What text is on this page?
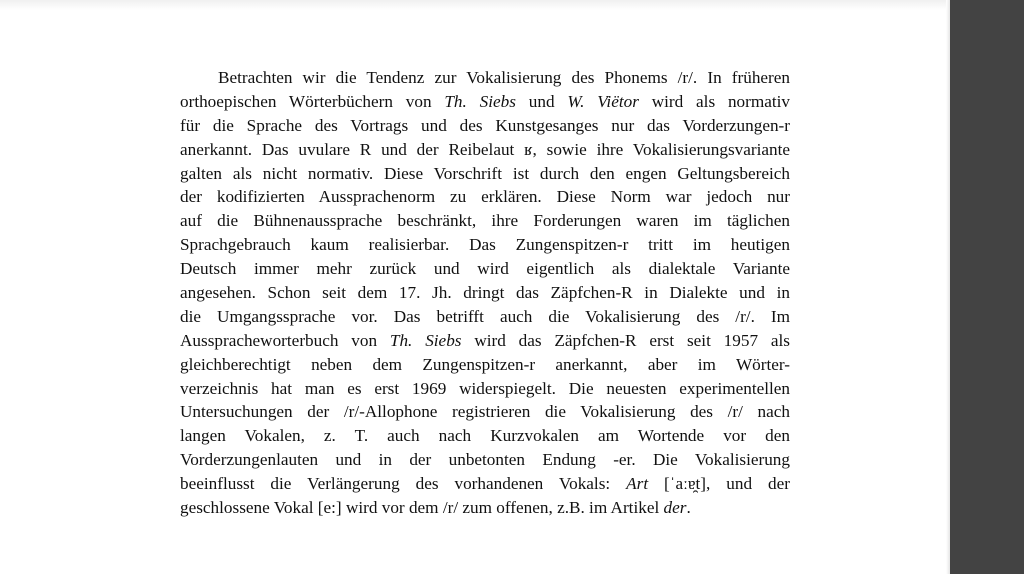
Betrachten wir die Tendenz zur Vokalisierung des Phonems /r/. In früheren
orthoepischen Wörterbüchern von Th. Siebs und W. Viëtor wird als normativ
für die Sprache des Vortrags und des Kunstgesanges nur das Vorderzungen-r
anerkannt. Das uvulare R und der Reibelaut ʁ, sowie ihre Vokalisierungsvariante
galten als nicht normativ. Diese Vorschrift ist durch den engen Geltungsbereich
der kodifizierten Aussprachenorm zu erklären. Diese Norm war jedoch nur
auf die Bühnenaussprache beschränkt, ihre Forderungen waren im täglichen
Sprachgebrauch kaum realisierbar. Das Zungenspitzen-r tritt im heutigen
Deutsch immer mehr zurück und wird eigentlich als dialektale Variante
angesehen. Schon seit dem 17. Jh. dringt das Zäpfchen-R in Dialekte und in
die Umgangssprache vor. Das betrifft auch die Vokalisierung des /r/. Im
Ausspracheworterbuch von Th. Siebs wird das Zäpfchen-R erst seit 1957 als
gleichberechtigt neben dem Zungenspitzen-r anerkannt, aber im Wörter-
verzeichnis hat man es erst 1969 widerspiegelt. Die neuesten experimentellen
Untersuchungen der /r/-Allophone registrieren die Vokalisierung des /r/ nach
langen Vokalen, z. T. auch nach Kurzvokalen am Wortende vor den
Vorderzungenlauten und in der unbetonten Endung -er. Die Vokalisierung
beeinflusst die Verlängerung des vorhandenen Vokals: Art [ˈaːɐ̯t], und der
geschlossene Vokal [e:] wird vor dem /r/ zum offenen, z.B. im Artikel der.
